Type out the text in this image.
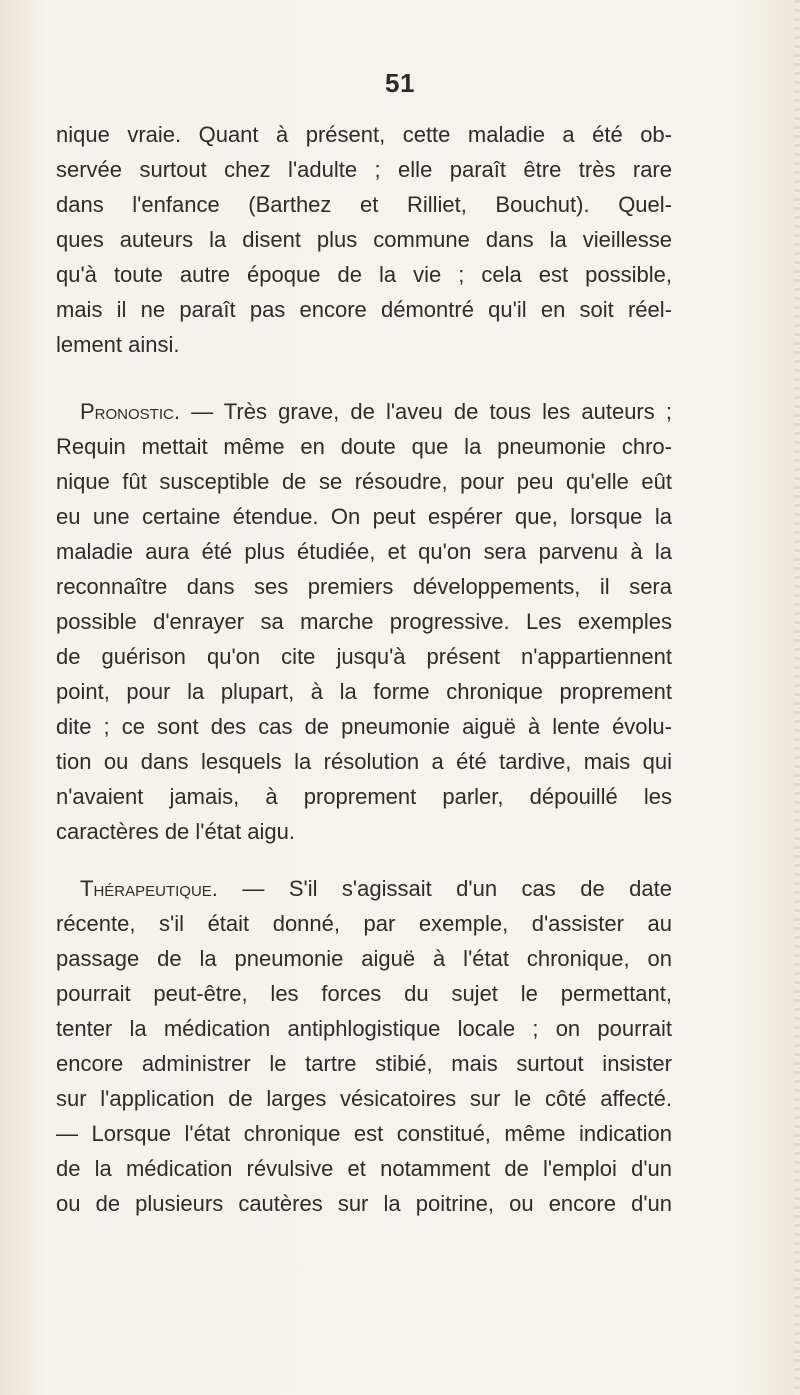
51
nique vraie. Quant à présent, cette maladie a été ob-
servée surtout chez l'adulte ; elle paraît être très rare
dans l'enfance (Barthez et Rilliet, Bouchut). Quel-
ques auteurs la disent plus commune dans la vieillesse
qu'à toute autre époque de la vie ; cela est possible,
mais il ne paraît pas encore démontré qu'il en soit réel-
lement ainsi.
Pronostic. — Très grave, de l'aveu de tous les auteurs ;
Requin mettait même en doute que la pneumonie chro-
nique fût susceptible de se résoudre, pour peu qu'elle eût
eu une certaine étendue. On peut espérer que, lorsque la
maladie aura été plus étudiée, et qu'on sera parvenu à la
reconnaître dans ses premiers développements, il sera
possible d'enrayer sa marche progressive. Les exemples
de guérison qu'on cite jusqu'à présent n'appartiennent
point, pour la plupart, à la forme chronique proprement
dite ; ce sont des cas de pneumonie aiguë à lente évolu-
tion ou dans lesquels la résolution a été tardive, mais qui
n'avaient jamais, à proprement parler, dépouillé les
caractères de l'état aigu.
Thérapeutique. — S'il s'agissait d'un cas de date
récente, s'il était donné, par exemple, d'assister au
passage de la pneumonie aiguë à l'état chronique, on
pourrait peut-être, les forces du sujet le permettant,
tenter la médication antiphlogistique locale ; on pourrait
encore administrer le tartre stibié, mais surtout insister
sur l'application de larges vésicatoires sur le côté affecté.
— Lorsque l'état chronique est constitué, même indication
de la médication révulsive et notamment de l'emploi d'un
ou de plusieurs cautères sur la poitrine, ou encore d'un
